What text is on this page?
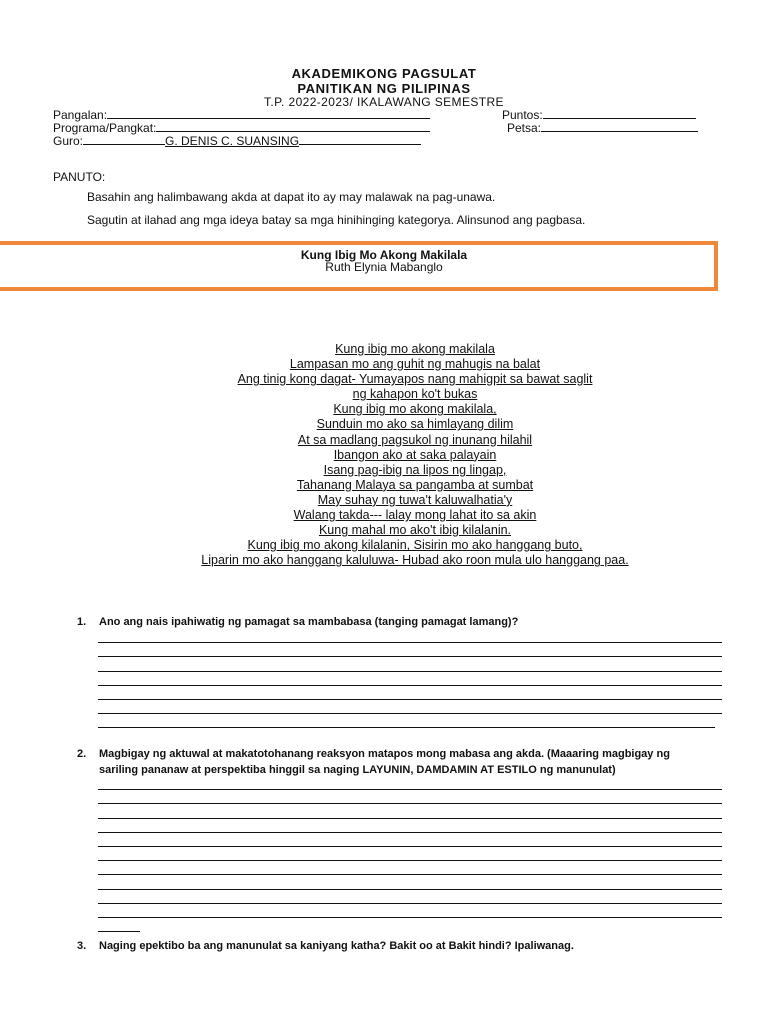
AKADEMIKONG PAGSULAT
PANITIKAN NG PILIPINAS
T.P. 2022-2023/ IKALAWANG SEMESTRE
Pangalan:
Programa/Pangkat:
Guro:	G. DENIS C. SUANSING
Puntos:
Petsa:
PANUTO:
Basahin ang halimbawang akda at dapat ito ay may malawak na pag-unawa.
Sagutin at ilahad ang mga ideya batay sa mga hinihinging kategorya. Alinsunod ang pagbasa.
Kung Ibig Mo Akong Makilala
Ruth Elynia Mabanglo
Kung ibig mo akong makilala
Lampasan mo ang guhit ng mahugis na balat
Ang tinig kong dagat- Yumayapos nang mahigpit sa bawat saglit
ng kahapon ko't bukas
Kung ibig mo akong makilala,
Sunduin mo ako sa himlayang dilim
At sa madlang pagsukol ng inunang hilahil
Ibangon ako at saka palayain
Isang pag-ibig na lipos ng lingap,
Tahanang Malaya sa pangamba at sumbat
May suhay ng tuwa't kaluwalhatia'y
Walang takda--- lalay mong lahat ito sa akin
Kung mahal mo ako't ibig kilalanin.
Kung ibig mo akong kilalanin, Sisirin mo ako hanggang buto,
Liparin mo ako hanggang kaluluwa- Hubad ako roon mula ulo hanggang paa.
1. Ano ang nais ipahiwatig ng pamagat sa mambabasa (tanging pamagat lamang)?
2. Magbigay ng aktuwal at makatotohanang reaksyon matapos mong mabasa ang akda. (Maaaring magbigay ng
sariling pananaw at perspektiba hinggil sa naging LAYUNIN, DAMDAMIN AT ESTILO ng manunulat)
3. Naging epektibo ba ang manunulat sa kaniyang katha? Bakit oo at Bakit hindi? Ipaliwanag.
